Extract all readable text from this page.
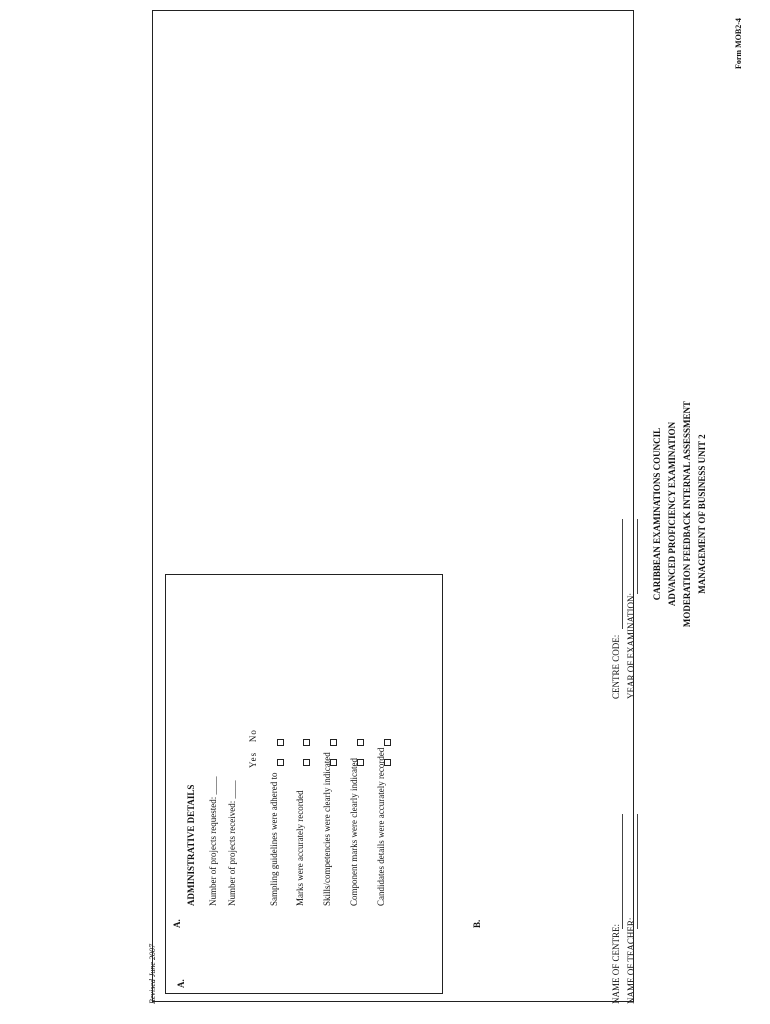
Form MOB2-4
CARIBBEAN EXAMINATIONS COUNCIL ADVANCED PROFICIENCY EXAMINATION MODERATION FEEDBACK INTERNAL ASSESSMENT MANAGEMENT OF BUSINESS UNIT 2
NAME OF CENTRE: NAME OF TEACHER:
CENTRE CODE: YEAR OF EXAMINATION:
A.
ADMINISTRATIVE DETAILS Number of projects requested: ____ Number of projects received: ____
Yes   No
Sampling guidelines were adhered to Marks were accurately recorded Skills/competencies were clearly indicated Component marks were clearly indicated Candidates details were accurately recorded
B.
Revised June 2007 A.
